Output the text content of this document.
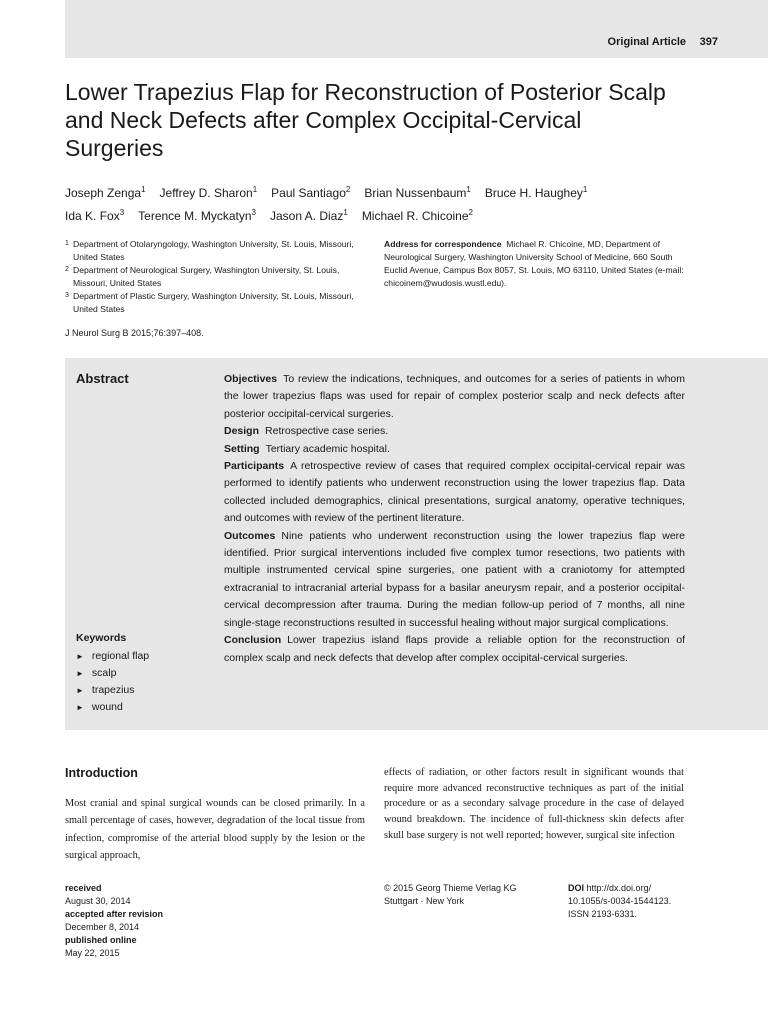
Original Article 397
Lower Trapezius Flap for Reconstruction of Posterior Scalp and Neck Defects after Complex Occipital-Cervical Surgeries
Joseph Zenga$^1$ Jeffrey D. Sharon$^1$ Paul Santiago$^2$ Brian Nussenbaum$^1$ Bruce H. Haughey$^1$
Ida K. Fox$^3$ Terence M. Myckatyn$^3$ Jason A. Diaz$^1$ Michael R. Chicoine$^2$
1 Department of Otolaryngology, Washington University, St. Louis, Missouri, United States
2 Department of Neurological Surgery, Washington University, St. Louis, Missouri, United States
3 Department of Plastic Surgery, Washington University, St. Louis, Missouri, United States
Address for correspondence Michael R. Chicoine, MD, Department of Neurological Surgery, Washington University School of Medicine, 660 South Euclid Avenue, Campus Box 8057, St. Louis, MO 63110, United States (e-mail: chicoinem@wudosis.wustl.edu).
J Neurol Surg B 2015;76:397–408.
Abstract	Objectives To review the indications, techniques, and outcomes for a series of patients in whom the lower trapezius flaps was used for repair of complex posterior scalp and neck defects after posterior occipital-cervical surgeries.
Design Retrospective case series.
Setting Tertiary academic hospital.
Participants A retrospective review of cases that required complex occipital-cervical repair was performed to identify patients who underwent reconstruction using the lower trapezius flap. Data collected included demographics, clinical presentations, surgical anatomy, operative techniques, and outcomes with review of the pertinent literature.
Outcomes Nine patients who underwent reconstruction using the lower trapezius flap were identified. Prior surgical interventions included five complex tumor resections, two patients with multiple instrumented cervical spine surgeries, one patient with a craniotomy for attempted extracranial to intracranial arterial bypass for a basilar aneurysm repair, and a posterior occipital-cervical decompression after trauma. During the median follow-up period of 7 months, all nine single-stage reconstructions resulted in successful healing without major surgical complications.
Conclusion Lower trapezius island flaps provide a reliable option for the reconstruction of complex scalp and neck defects that develop after complex occipital-cervical surgeries.
Keywords
► regional flap
► scalp
► trapezius
► wound
Introduction
Most cranial and spinal surgical wounds can be closed primarily. In a small percentage of cases, however, degradation of the local tissue from infection, compromise of the arterial blood supply by the lesion or the surgical approach,
effects of radiation, or other factors result in significant wounds that require more advanced reconstructive techniques as part of the initial procedure or as a secondary salvage procedure in the case of delayed wound breakdown. The incidence of full-thickness skin defects after skull base surgery is not well reported; however, surgical site infection
received
August 30, 2014
accepted after revision
December 8, 2014
published online
May 22, 2015
© 2015 Georg Thieme Verlag KG
Stuttgart · New York
DOI http://dx.doi.org/
10.1055/s-0034-1544123.
ISSN 2193-6331.
